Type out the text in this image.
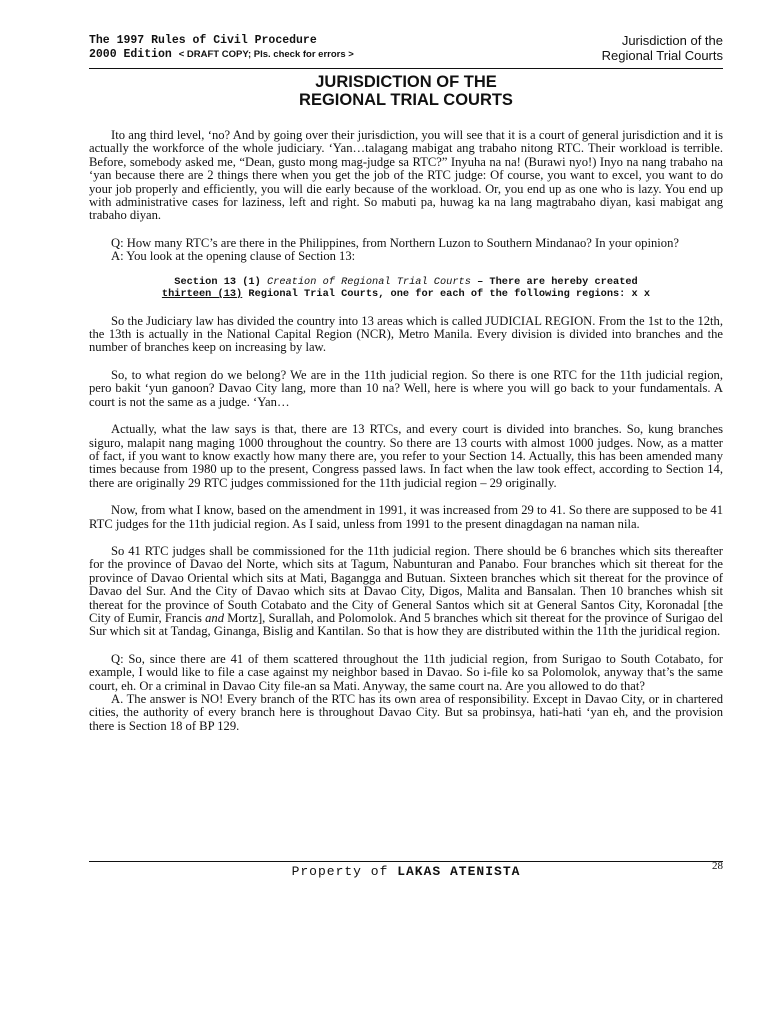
The 1997 Rules of Civil Procedure
2000 Edition < DRAFT COPY; Pls. check for errors >
Jurisdiction of the
Regional Trial Courts
JURISDICTION OF THE
REGIONAL TRIAL COURTS

Ito ang third level, ‘no? And by going over their jurisdiction, you will see that it is a court of general jurisdiction and it is actually the workforce of the whole judiciary. ‘Yan…talagang mabigat ang trabaho nitong RTC. Their workload is terrible. Before, somebody asked me, “Dean, gusto mong mag-judge sa RTC?” Inyuha na na! (Burawi nyo!) Inyo na nang trabaho na ‘yan because there are 2 things there when you get the job of the RTC judge: Of course, you want to excel, you want to do your job properly and efficiently, you will die early because of the workload. Or, you end up as one who is lazy. You end up with administrative cases for laziness, left and right. So mabuti pa, huwag ka na lang magtrabaho diyan, kasi mabigat ang trabaho diyan.

Q: How many RTC’s are there in the Philippines, from Northern Luzon to Southern Mindanao? In your opinion?

A: You look at the opening clause of Section 13:

Section 13 (1) Creation of Regional Trial Courts – There are hereby created
thirteen (13) Regional Trial Courts, one for each of the following regions: x x

So the Judiciary law has divided the country into 13 areas which is called JUDICIAL REGION. From the 1st to the 12th, the 13th is actually in the National Capital Region (NCR), Metro Manila. Every division is divided into branches and the number of branches keep on increasing by law.

So, to what region do we belong? We are in the 11th judicial region. So there is one RTC for the 11th judicial region, pero bakit ‘yun ganoon? Davao City lang, more than 10 na? Well, here is where you will go back to your fundamentals. A court is not the same as a judge. ‘Yan…

Actually, what the law says is that, there are 13 RTCs, and every court is divided into branches. So, kung branches siguro, malapit nang maging 1000 throughout the country. So there are 13 courts with almost 1000 judges. Now, as a matter of fact, if you want to know exactly how many there are, you refer to your Section 14. Actually, this has been amended many times because from 1980 up to the present, Congress passed laws. In fact when the law took effect, according to Section 14, there are originally 29 RTC judges commissioned for the 11th judicial region – 29 originally.

Now, from what I know, based on the amendment in 1991, it was increased from 29 to 41. So there are supposed to be 41 RTC judges for the 11th judicial region. As I said, unless from 1991 to the present dinagdagan na naman nila.

So 41 RTC judges shall be commissioned for the 11th judicial region. There should be 6 branches which sits thereafter for the province of Davao del Norte, which sits at Tagum, Nabunturan and Panabo. Four branches which sit thereat for the province of Davao Oriental which sits at Mati, Bagangga and Butuan. Sixteen branches which sit thereat for the province of Davao del Sur. And the City of Davao which sits at Davao City, Digos, Malita and Bansalan. Then 10 branches whish sit thereat for the province of South Cotabato and the City of General Santos which sit at General Santos City, Koronadal [the City of Eumir, Francis and Mortz], Surallah, and Polomolok. And 5 branches which sit thereat for the province of Surigao del Sur which sit at Tandag, Ginanga, Bislig and Kantilan. So that is how they are distributed within the 11th the juridical region.

Q: So, since there are 41 of them scattered throughout the 11th judicial region, from Surigao to South Cotabato, for example, I would like to file a case against my neighbor based in Davao. So i-file ko sa Polomolok, anyway that’s the same court, eh. Or a criminal in Davao City file-an sa Mati. Anyway, the same court na. Are you allowed to do that?

A. The answer is NO! Every branch of the RTC has its own area of responsibility. Except in Davao City, or in chartered cities, the authority of every branch here is throughout Davao City. But sa probinsya, hati-hati ‘yan eh, and the provision there is Section 18 of BP 129.

Property of LAKAS ATENISTA	28
